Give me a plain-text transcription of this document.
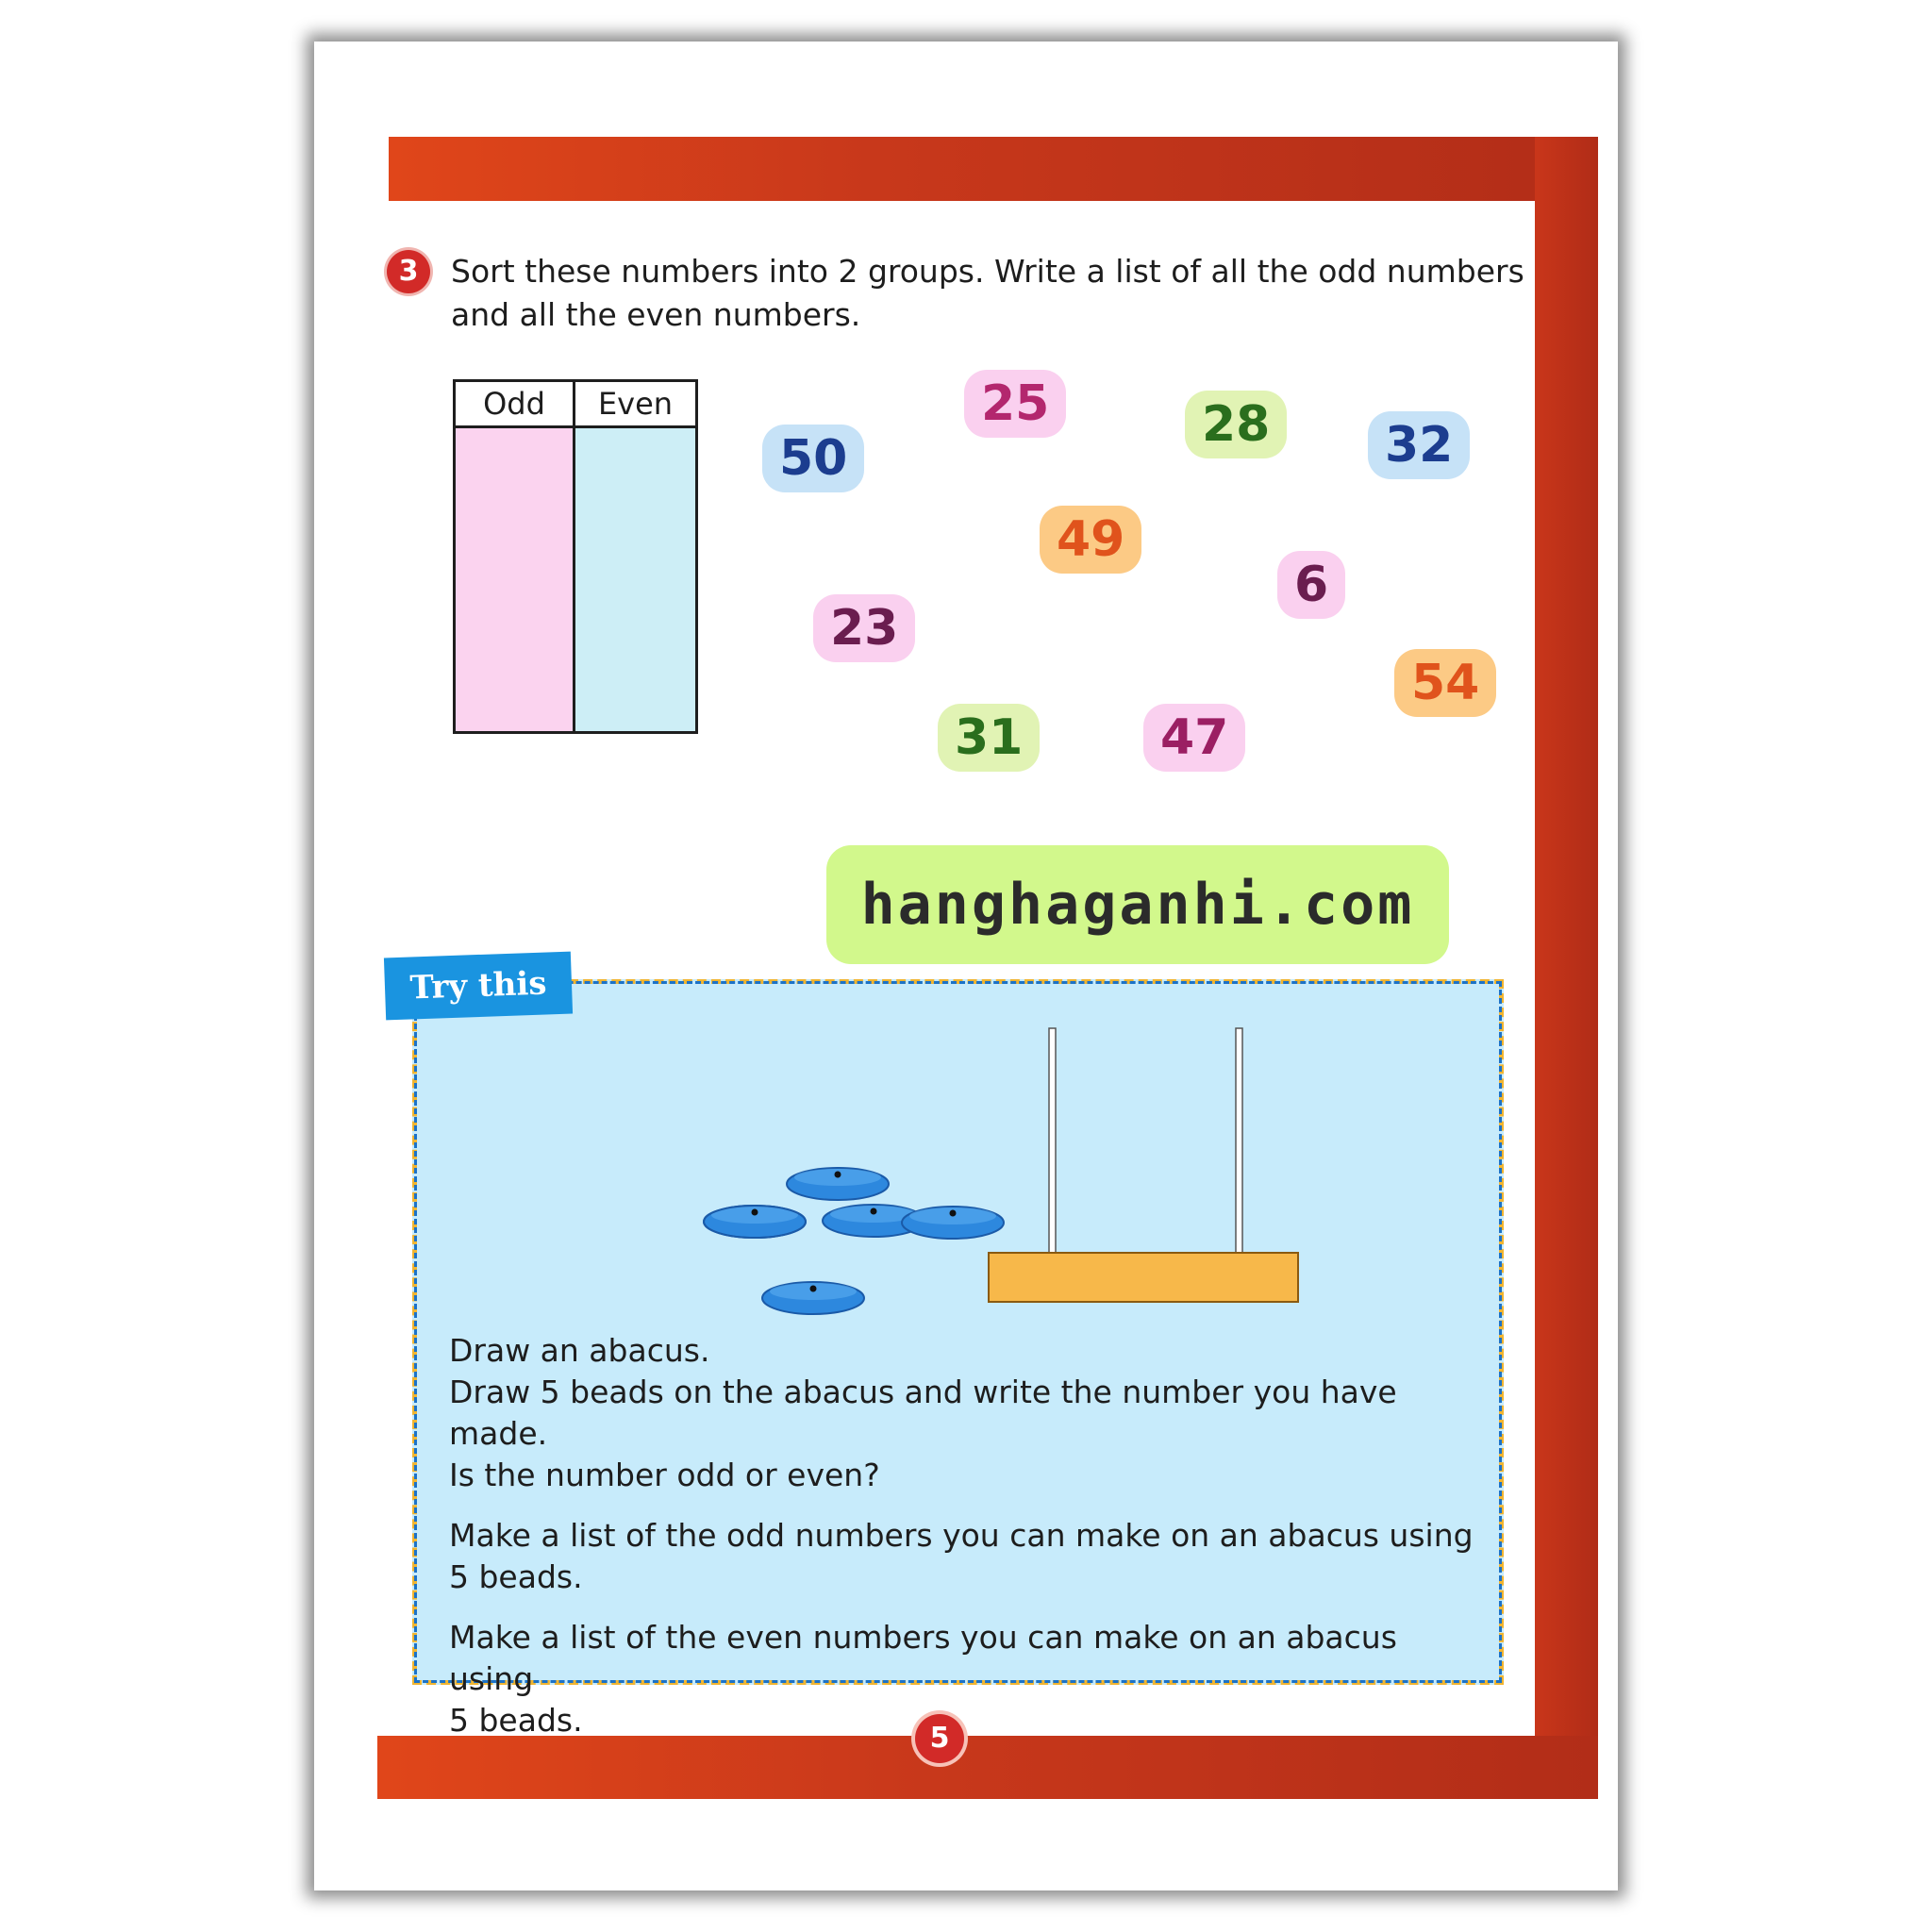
3	Sort these numbers into 2 groups. Write a list of all the odd numbers
and all the even numbers.
Odd	Even
50
25	28	32
49
6
23
54
31	47
hanghaganhi.com
Try this

Draw an abacus.

Draw 5 beads on the abacus and write the number you have made.

Is the number odd or even?

Make a list of the odd numbers you can make on an abacus using

5 beads.

Make a list of the even numbers you can make on an abacus using

5 beads.	5
